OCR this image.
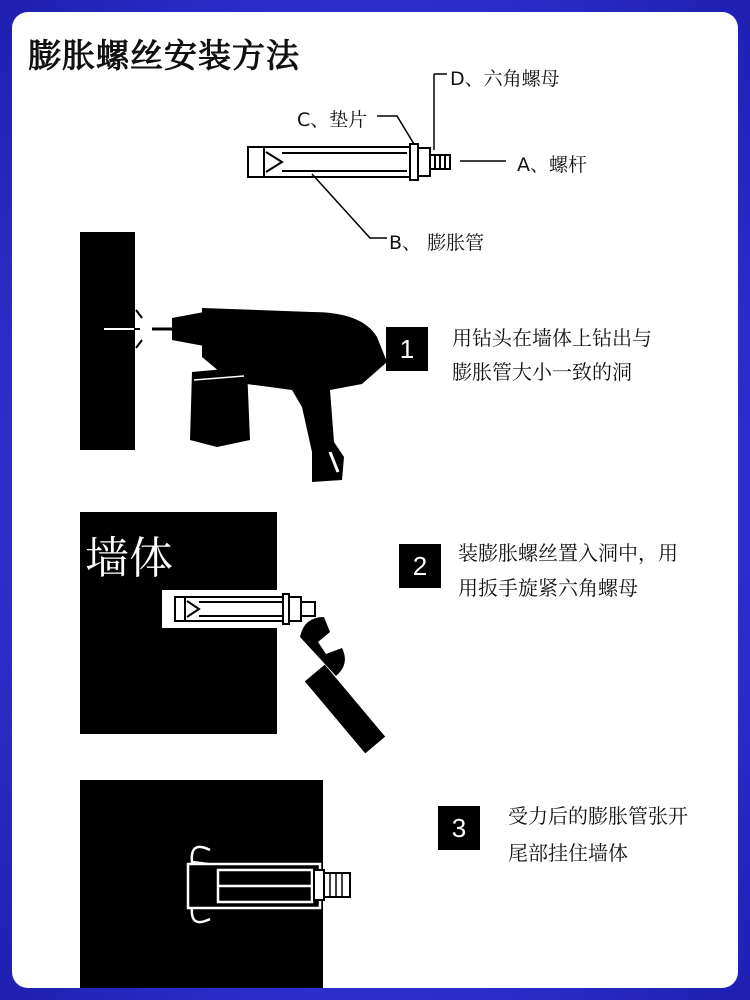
膨胀螺丝安装方法
D、六角螺母
C、垫片
A、螺杆
B、 膨胀管
1	用钻头在墙体上钻出与
膨胀管大小一致的洞
墙体	2	装膨胀螺丝置入洞中，用
用扳手旋紧六角螺母
3	受力后的膨胀管张开
尾部挂住墙体
